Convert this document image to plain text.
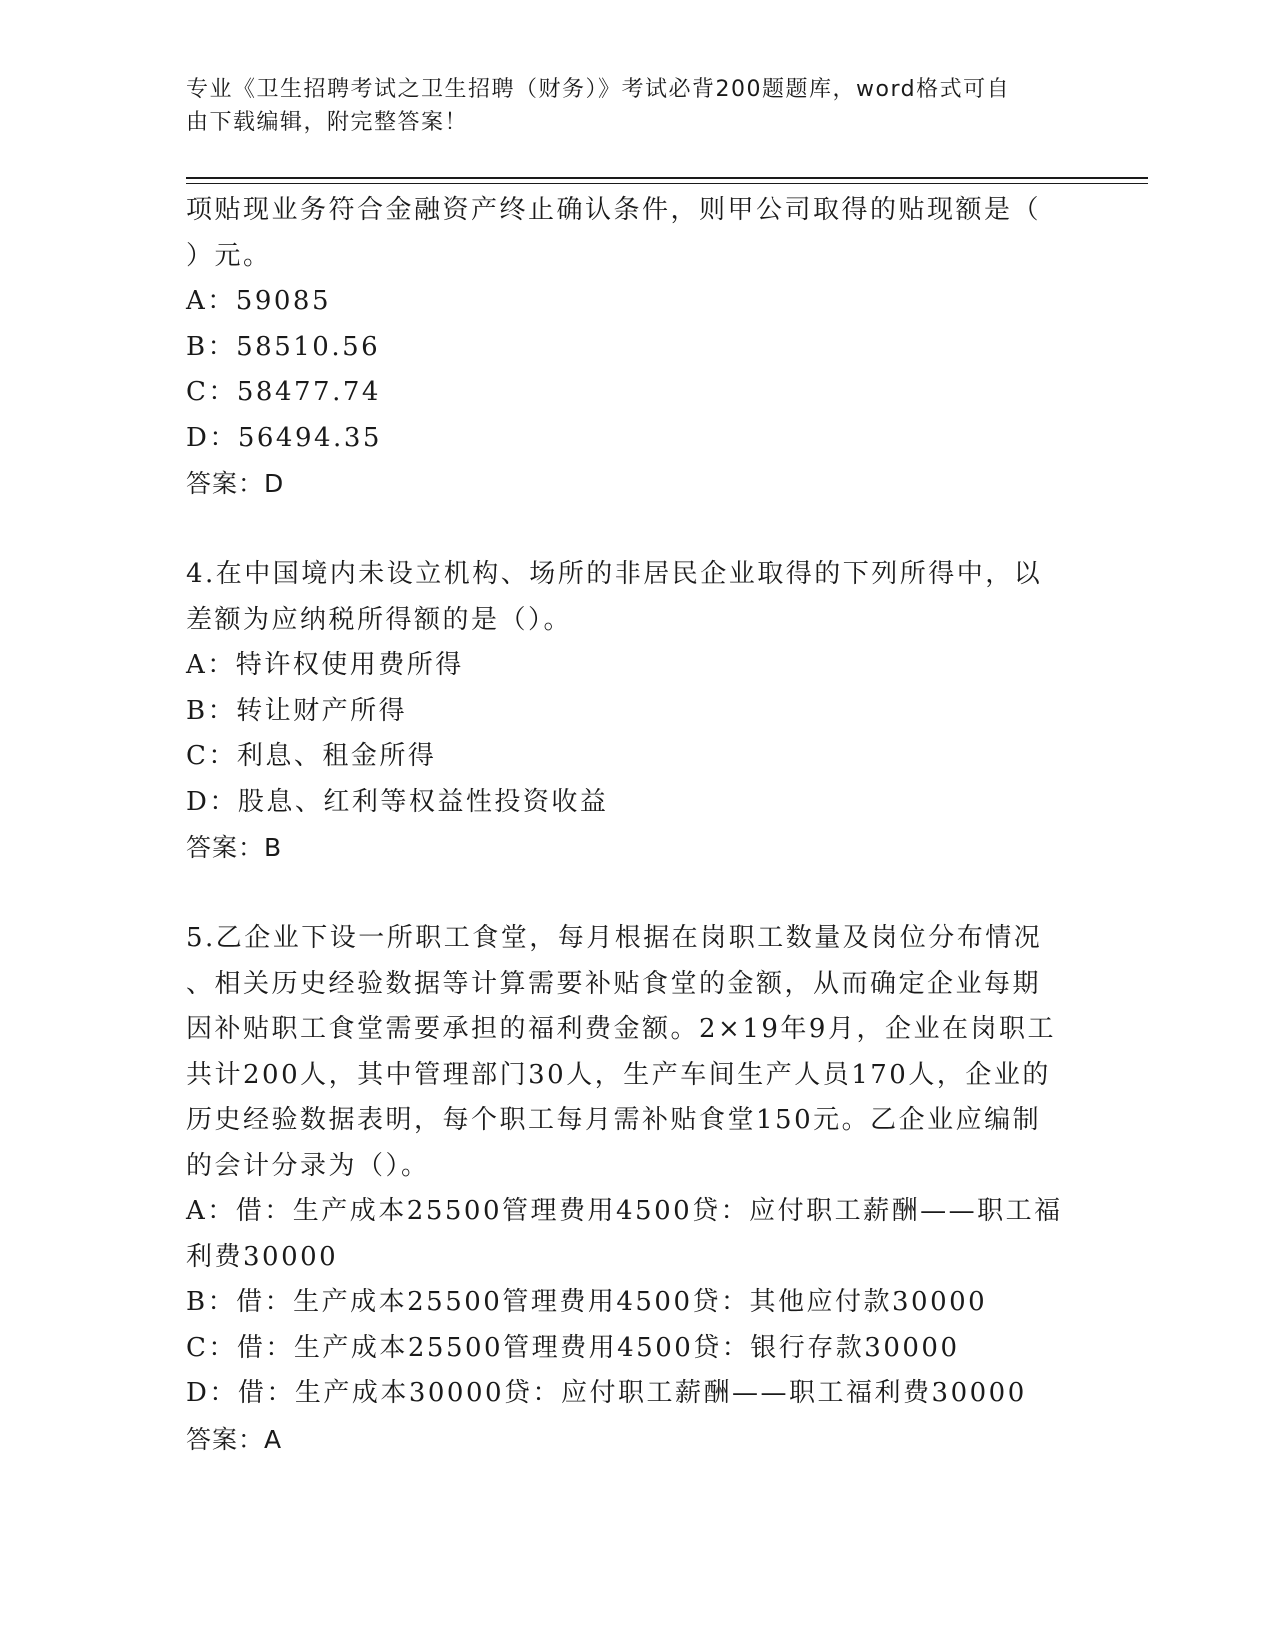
专业《卫生招聘考试之卫生招聘（财务）》考试必背200题题库，word格式可自
由下载编辑，附完整答案！
项贴现业务符合金融资产终止确认条件，则甲公司取得的贴现额是（
）元。
A：59085
B：58510.56
C：58477.74
D：56494.35
答案：D
4.在中国境内未设立机构、场所的非居民企业取得的下列所得中，以
差额为应纳税所得额的是（）。
A：特许权使用费所得
B：转让财产所得
C：利息、租金所得
D：股息、红利等权益性投资收益
答案：B
5.乙企业下设一所职工食堂，每月根据在岗职工数量及岗位分布情况
、相关历史经验数据等计算需要补贴食堂的金额，从而确定企业每期
因补贴职工食堂需要承担的福利费金额。2×19年9月，企业在岗职工
共计200人，其中管理部门30人，生产车间生产人员170人，企业的
历史经验数据表明，每个职工每月需补贴食堂150元。乙企业应编制
的会计分录为（）。
A：借：生产成本25500管理费用4500贷：应付职工薪酬——职工福
利费30000
B：借：生产成本25500管理费用4500贷：其他应付款30000
C：借：生产成本25500管理费用4500贷：银行存款30000
D：借：生产成本30000贷：应付职工薪酬——职工福利费30000
答案：A
